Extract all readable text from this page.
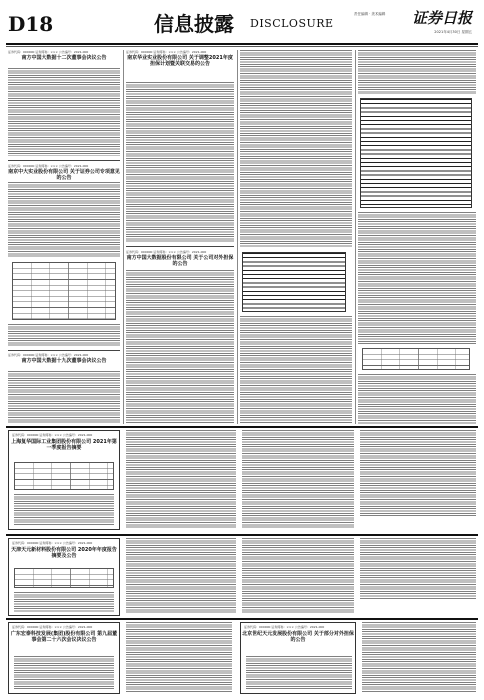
D18	信息披露 DISCLOSURE
责任编辑 · 美术编辑 证券日报
2021年4月30日 星期五
证券代码：000000 证券简称：××× 公告编号：2021-000
南方中国大数据十二次董事会决议公告
证券代码：000000 证券简称：××× 公告编号：2021-000
南京中大实业股份有限公司 关于证券公司专项意见的公告
证券代码：000000 证券简称：××× 公告编号：2021-000
南方中国大数据十九次董事会决议公告
证券代码：000000 证券简称：××× 公告编号：2021-000
南京华业实业股份有限公司 关于调整2021年度担保计划暨关联交易的公告
证券代码：000000 证券简称：××× 公告编号：2021-000
南方中国大数据股份有限公司 关于公司对外担保的公告
证券代码：000000 证券简称：××× 公告编号：2021-000
上海复华国际工业集团股份有限公司 2021年第一季度报告摘要
证券代码：000000 证券简称：××× 公告编号：2021-000
天津天元新材料股份有限公司 2020年年度报告摘要及公告
证券代码：000000 证券简称：××× 公告编号：2021-000
广东宏泰科技发展(集团)股份有限公司 第九届董事会第二十六次会议决议公告
证券代码：000000 证券简称：××× 公告编号：2021-000
北京世纪天元发展股份有限公司 关于部分对外担保的公告
